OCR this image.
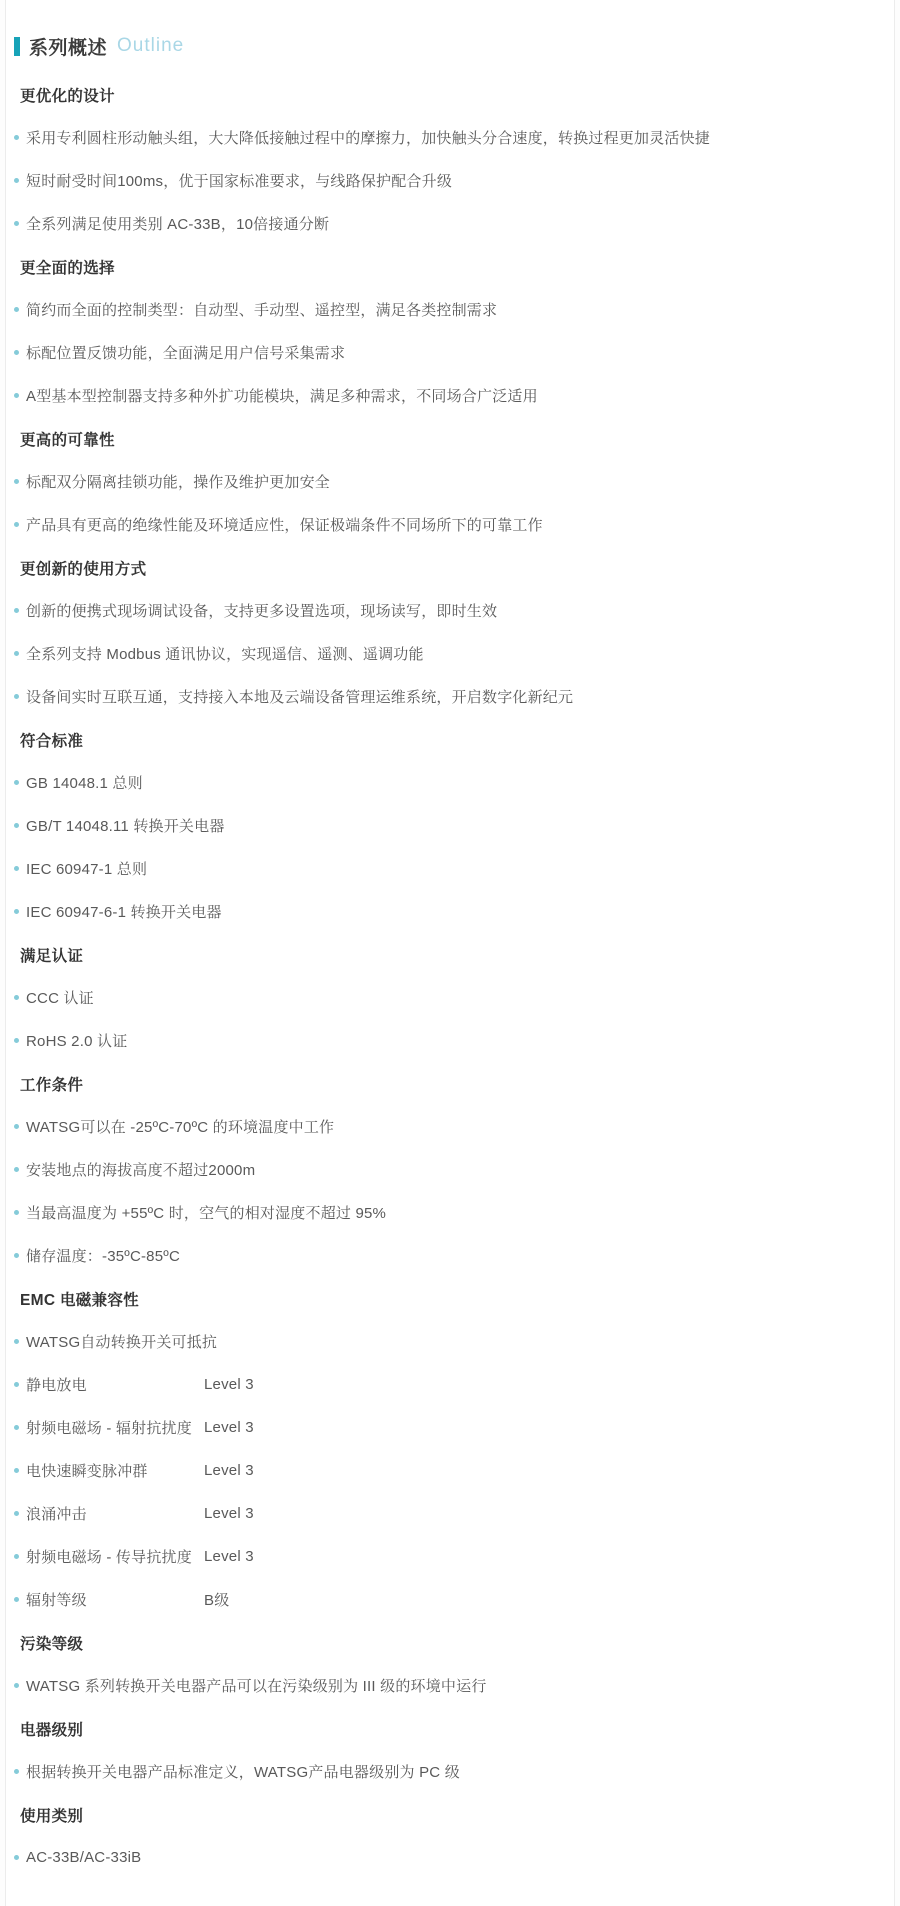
系列概述 Outline
更优化的设计
采用专利圆柱形动触头组，大大降低接触过程中的摩擦力，加快触头分合速度，转换过程更加灵活快捷
短时耐受时间100ms，优于国家标准要求，与线路保护配合升级
全系列满足使用类别 AC-33B，10倍接通分断
更全面的选择
简约而全面的控制类型：自动型、手动型、遥控型，满足各类控制需求
标配位置反馈功能，全面满足用户信号采集需求
A型基本型控制器支持多种外扩功能模块，满足多种需求，不同场合广泛适用
更高的可靠性
标配双分隔离挂锁功能，操作及维护更加安全
产品具有更高的绝缘性能及环境适应性，保证极端条件不同场所下的可靠工作
更创新的使用方式
创新的便携式现场调试设备，支持更多设置选项，现场读写，即时生效
全系列支持 Modbus 通讯协议，实现遥信、遥测、遥调功能
设备间实时互联互通，支持接入本地及云端设备管理运维系统，开启数字化新纪元
符合标准
GB 14048.1 总则
GB/T 14048.11 转换开关电器
IEC 60947-1 总则
IEC 60947-6-1 转换开关电器
满足认证
CCC 认证
RoHS 2.0 认证
工作条件
WATSG可以在 -25ºC-70ºC 的环境温度中工作
安装地点的海拔高度不超过2000m
当最高温度为 +55ºC 时，空气的相对湿度不超过 95%
储存温度：-35ºC-85ºC
EMC 电磁兼容性
WATSG自动转换开关可抵抗
静电放电	Level 3
射频电磁场 - 辐射抗扰度 Level 3
电快速瞬变脉冲群	Level 3
浪涌冲击	Level 3
射频电磁场 - 传导抗扰度 Level 3
辐射等级	B级
污染等级
WATSG 系列转换开关电器产品可以在污染级别为 III 级的环境中运行
电器级别
根据转换开关电器产品标准定义，WATSG产品电器级别为 PC 级
使用类别
AC-33B/AC-33iB
